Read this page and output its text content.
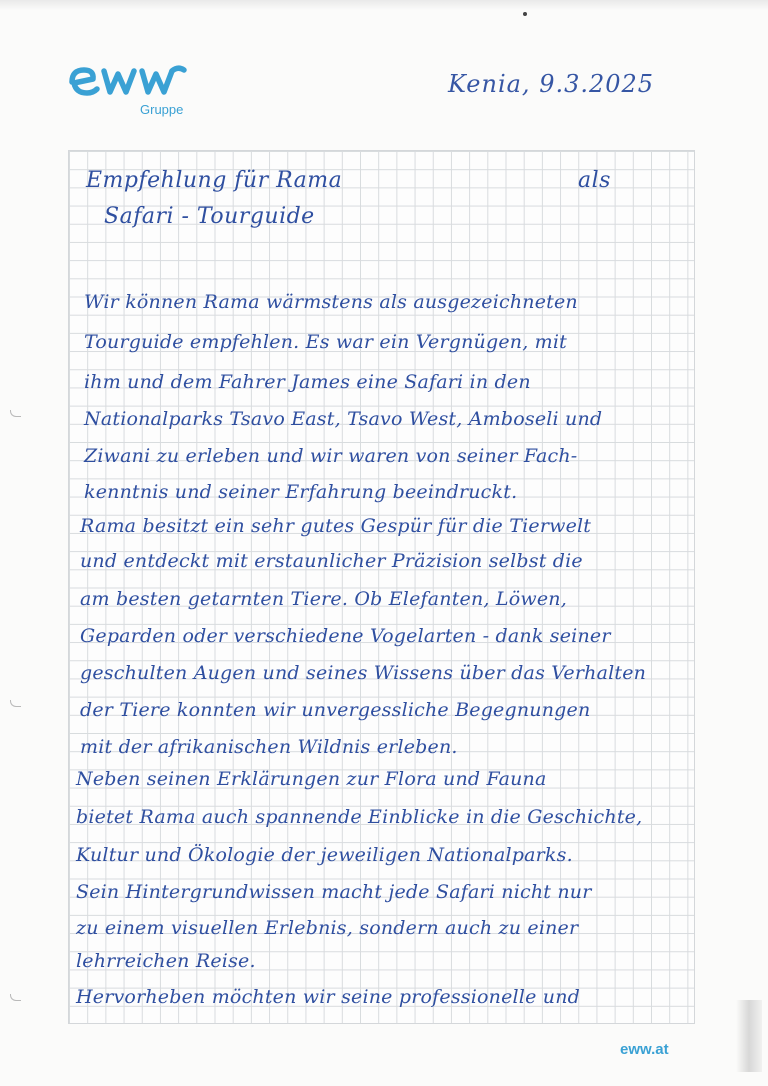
Gruppe
Kenia, 9.3.2025
Empfehlung für Rama	als
Safari - Tourguide
Wir können Rama wärmstens als ausgezeichneten
Tourguide empfehlen. Es war ein Vergnügen, mit
ihm und dem Fahrer James eine Safari in den
Nationalparks Tsavo East, Tsavo West, Amboseli und
Ziwani zu erleben und wir waren von seiner Fach-
kenntnis und seiner Erfahrung beeindruckt.
Rama besitzt ein sehr gutes Gespür für die Tierwelt
und entdeckt mit erstaunlicher Präzision selbst die
am besten getarnten Tiere. Ob Elefanten, Löwen,
Geparden oder verschiedene Vogelarten - dank seiner
geschulten Augen und seines Wissens über das Verhalten
der Tiere konnten wir unvergessliche Begegnungen
mit der afrikanischen Wildnis erleben.
Neben seinen Erklärungen zur Flora und Fauna
bietet Rama auch spannende Einblicke in die Geschichte,
Kultur und Ökologie der jeweiligen Nationalparks.
Sein Hintergrundwissen macht jede Safari nicht nur
zu einem visuellen Erlebnis, sondern auch zu einer
lehrreichen Reise.
Hervorheben möchten wir seine professionelle und
eww.at
